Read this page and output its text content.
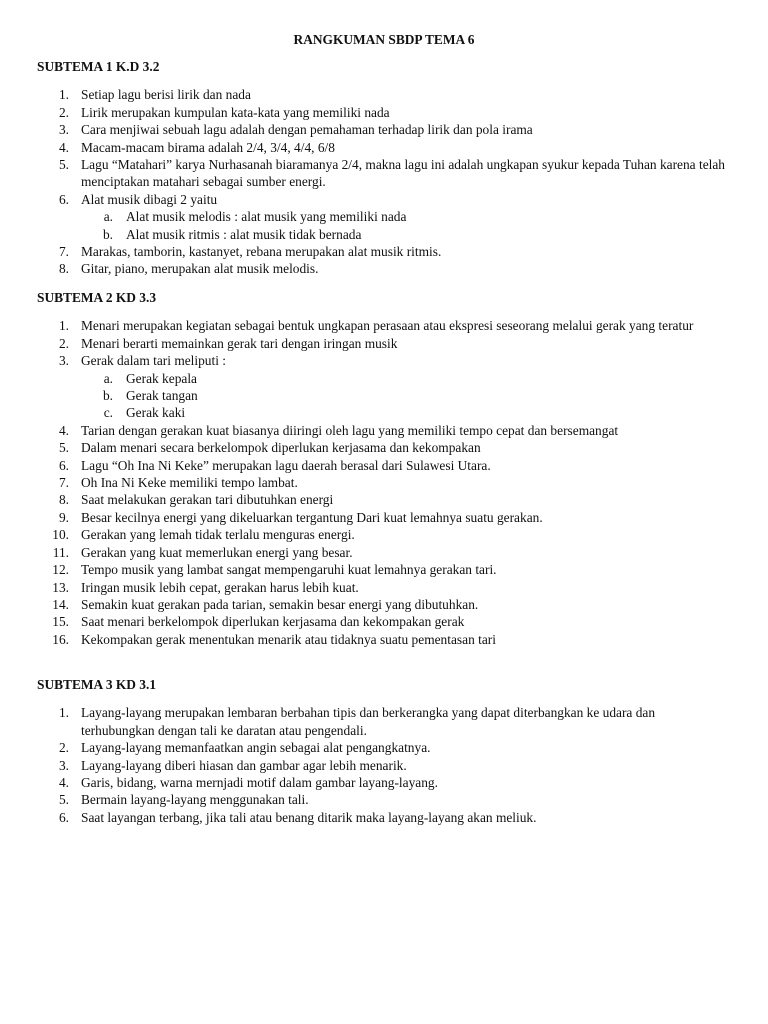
RANGKUMAN SBDP TEMA 6
SUBTEMA 1 K.D 3.2
1. Setiap lagu berisi lirik dan nada
2. Lirik merupakan kumpulan kata-kata yang memiliki nada
3. Cara menjiwai sebuah lagu adalah dengan pemahaman terhadap lirik dan pola irama
4. Macam-macam birama adalah 2/4, 3/4, 4/4, 6/8
5. Lagu “Matahari” karya Nurhasanah biaramanya 2/4, makna lagu ini adalah ungkapan syukur kepada Tuhan karena telah menciptakan matahari sebagai sumber energi.
6. Alat musik dibagi 2 yaitu
a. Alat musik melodis : alat musik yang memiliki nada
b. Alat musik ritmis : alat musik tidak bernada
7. Marakas, tamborin, kastanyet, rebana merupakan alat musik ritmis.
8. Gitar, piano, merupakan alat musik melodis.
SUBTEMA 2 KD 3.3
1. Menari merupakan kegiatan sebagai bentuk ungkapan perasaan atau ekspresi seseorang melalui gerak yang teratur
2. Menari berarti memainkan gerak tari dengan iringan musik
3. Gerak dalam tari meliputi :
a. Gerak kepala
b. Gerak tangan
c. Gerak kaki
4. Tarian dengan gerakan kuat biasanya diiringi oleh lagu yang memiliki tempo cepat dan bersemangat
5. Dalam menari secara berkelompok diperlukan kerjasama dan kekompakan
6. Lagu “Oh Ina Ni Keke” merupakan lagu daerah berasal dari Sulawesi Utara.
7. Oh Ina Ni Keke memiliki tempo lambat.
8. Saat melakukan gerakan tari dibutuhkan energi
9. Besar kecilnya energi yang dikeluarkan tergantung Dari kuat lemahnya suatu gerakan.
10. Gerakan yang lemah tidak terlalu menguras energi.
11. Gerakan yang kuat memerlukan energi yang besar.
12. Tempo musik yang lambat sangat mempengaruhi kuat lemahnya gerakan tari.
13. Iringan musik lebih cepat, gerakan harus lebih kuat.
14. Semakin kuat gerakan pada tarian, semakin besar energi yang dibutuhkan.
15. Saat menari berkelompok diperlukan kerjasama dan kekompakan gerak
16. Kekompakan gerak menentukan menarik atau tidaknya suatu pementasan tari
SUBTEMA 3 KD 3.1
1. Layang-layang merupakan lembaran berbahan tipis dan berkerangka yang dapat diterbangkan ke udara dan terhubungkan dengan tali ke daratan atau pengendali.
2. Layang-layang memanfaatkan angin sebagai alat pengangkatnya.
3. Layang-layang diberi hiasan dan gambar agar lebih menarik.
4. Garis, bidang, warna mernjadi motif dalam gambar layang-layang.
5. Bermain layang-layang menggunakan tali.
6. Saat layangan terbang, jika tali atau benang ditarik maka layang-layang akan meliuk.
